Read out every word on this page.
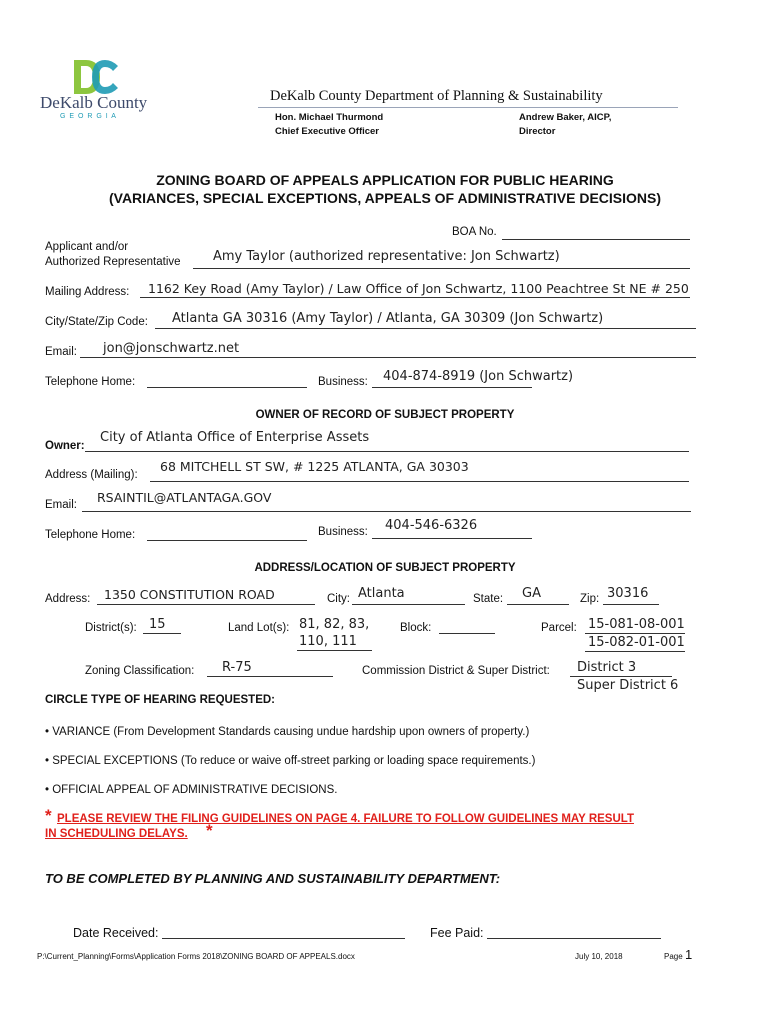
DeKalb County
G E O R G I A
DeKalb County Department of Planning & Sustainability
Hon. Michael Thurmond
Chief Executive Officer
Andrew Baker, AICP,
Director
ZONING BOARD OF APPEALS APPLICATION FOR PUBLIC HEARING
(VARIANCES, SPECIAL EXCEPTIONS, APPEALS OF ADMINISTRATIVE DECISIONS)
BOA No.
Applicant and/or
Authorized Representative Amy Taylor (authorized representative: Jon Schwartz)
Mailing Address: 1162 Key Road (Amy Taylor) / Law Office of Jon Schwartz, 1100 Peachtree St NE # 250
City/State/Zip Code: Atlanta GA 30316 (Amy Taylor) / Atlanta, GA 30309 (Jon Schwartz)
Email: jon@jonschwartz.net
Telephone Home:	Business: 404-874-8919 (Jon Schwartz)
OWNER OF RECORD OF SUBJECT PROPERTY
Owner:
City of Atlanta Office of Enterprise Assets
Address (Mailing):
68 MITCHELL ST SW, # 1225 ATLANTA, GA 30303
Email: RSAINTIL@ATLANTAGA.GOV
Telephone Home:	Business: 404-546-6326
ADDRESS/LOCATION OF SUBJECT PROPERTY
Address: 1350 CONSTITUTION ROAD	City: Atlanta	State: GA	Zip: 30316
District(s): 15	Land Lot(s): 81, 82, 83,
110, 111
Block:	Parcel: 15-081-08-001
15-082-01-001
Zoning Classification: R-75	Commission District & Super District: District 3
Super District 6
CIRCLE TYPE OF HEARING REQUESTED:
• VARIANCE (From Development Standards causing undue hardship upon owners of property.)
• SPECIAL EXCEPTIONS (To reduce or waive off-street parking or loading space requirements.)
• OFFICIAL APPEAL OF ADMINISTRATIVE DECISIONS.
* PLEASE REVIEW THE FILING GUIDELINES ON PAGE 4. FAILURE TO FOLLOW GUIDELINES MAY RESULT
IN SCHEDULING DELAYS. *
TO BE COMPLETED BY PLANNING AND SUSTAINABILITY DEPARTMENT:
Date Received:	Fee Paid:
P:\Current_Planning\Forms\Application Forms 2018\ZONING BOARD OF APPEALS.docx	July 10, 2018	Page 1
